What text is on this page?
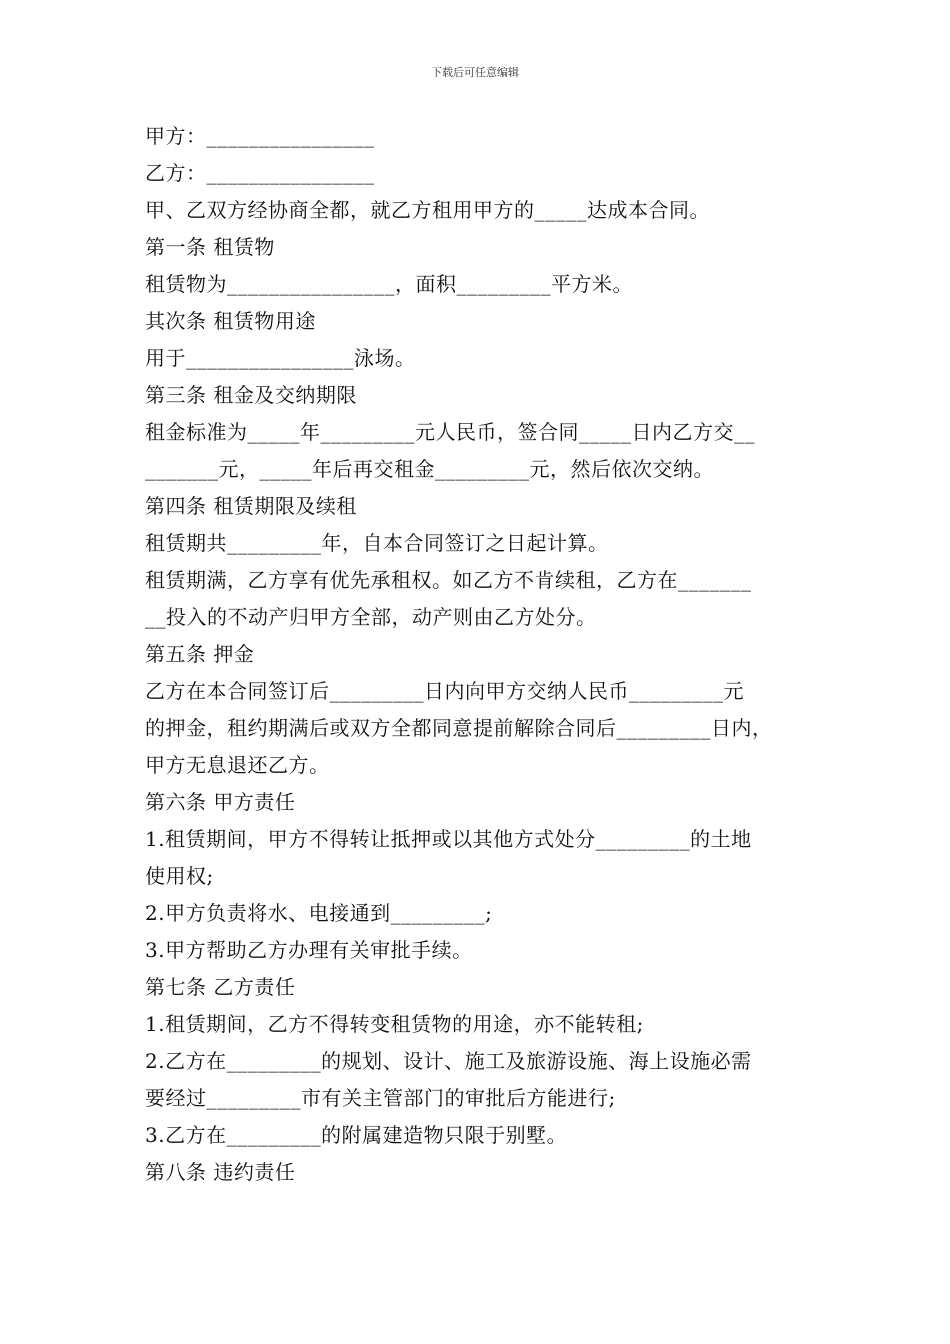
下载后可任意编辑
甲方：________________
乙方：________________
甲、乙双方经协商全都，就乙方租用甲方的_____达成本合同。
第一条 租赁物
租赁物为________________，面积_________平方米。
其次条 租赁物用途
用于________________泳场。
第三条 租金及交纳期限
租金标准为_____年_________元人民币，签合同_____日内乙方交__
_______元，_____年后再交租金_________元，然后依次交纳。
第四条 租赁期限及续租
租赁期共_________年，自本合同签订之日起计算。
租赁期满，乙方享有优先承租权。如乙方不肯续租，乙方在_______
__投入的不动产归甲方全部，动产则由乙方处分。
第五条 押金
乙方在本合同签订后_________日内向甲方交纳人民币_________元
的押金，租约期满后或双方全都同意提前解除合同后_________日内，
甲方无息退还乙方。
第六条 甲方责任
1.租赁期间，甲方不得转让抵押或以其他方式处分_________的土地
使用权;
2.甲方负责将水、电接通到_________;
3.甲方帮助乙方办理有关审批手续。
第七条 乙方责任
1.租赁期间，乙方不得转变租赁物的用途，亦不能转租;
2.乙方在_________的规划、设计、施工及旅游设施、海上设施必需
要经过_________市有关主管部门的审批后方能进行;
3.乙方在_________的附属建造物只限于别墅。
第八条 违约责任
